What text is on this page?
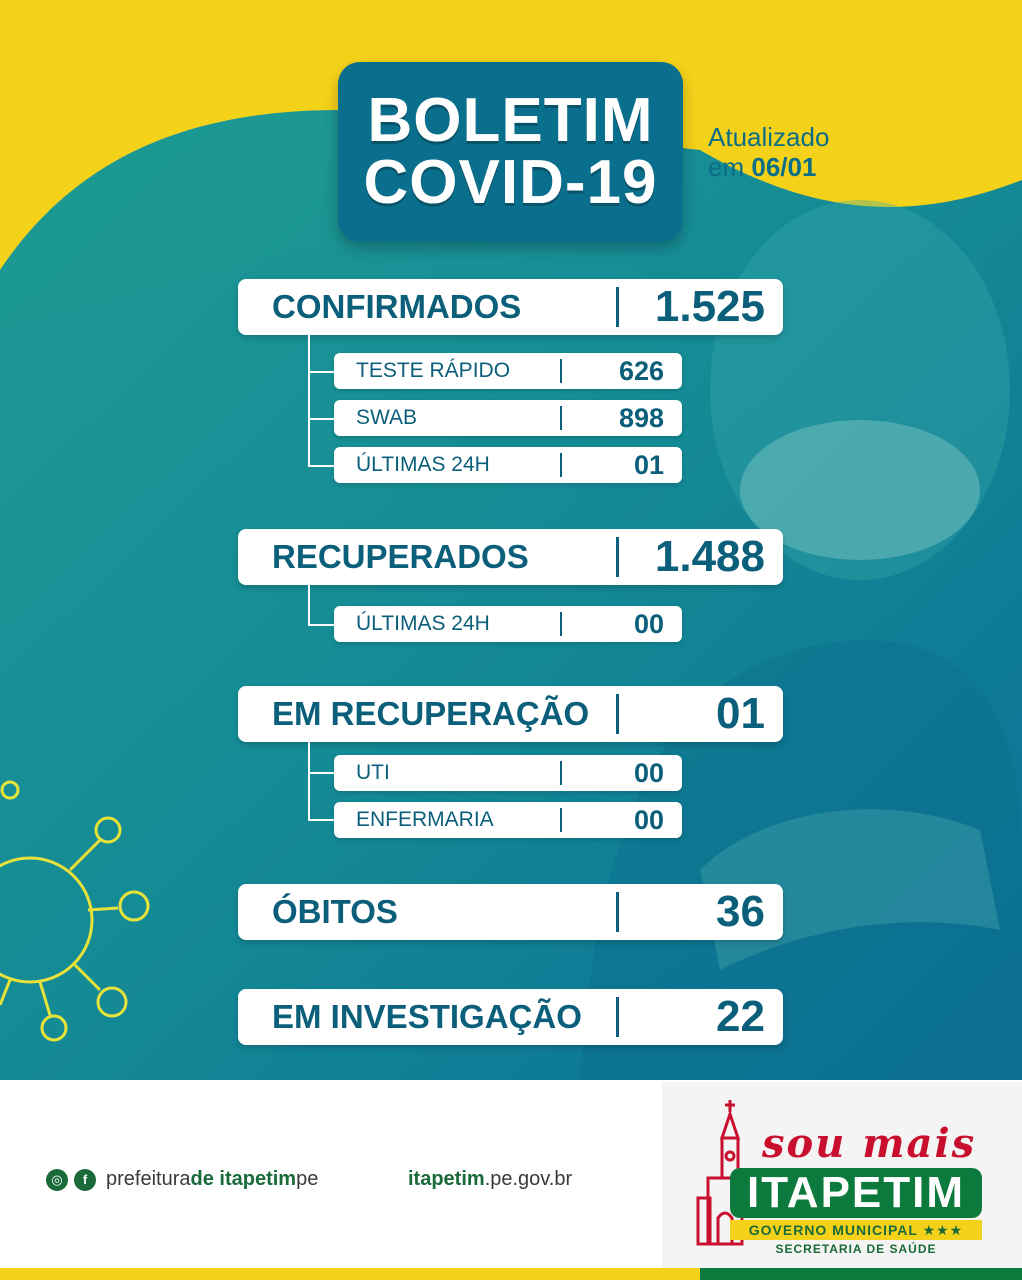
BOLETIM
COVID-19
Atualizado
em 06/01
CONFIRMADOS	1.525
TESTE RÁPIDO	626
SWAB	898
ÚLTIMAS 24H	01
RECUPERADOS	1.488
ÚLTIMAS 24H	00
EM RECUPERAÇÃO	01
UTI	00
ENFERMARIA	00
ÓBITOS	36
EM INVESTIGAÇÃO	22
◎	f prefeiturade itapetimpe	itapetim.pe.gov.br
sou mais
ITAPETIM
GOVERNO MUNICIPAL ★★★
SECRETARIA DE SAÚDE
